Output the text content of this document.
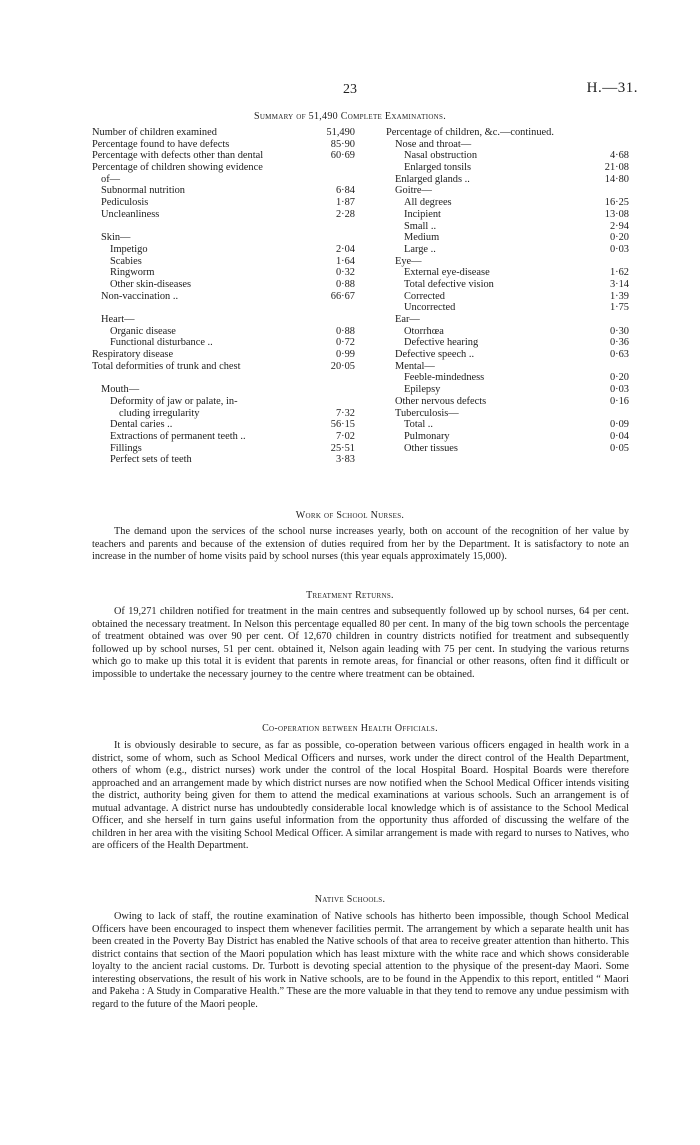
23	H.—31.
Summary of 51,490 Complete Examinations.
Number of children examined	51,490
Percentage found to have defects	85·90
Percentage with defects other than dental	60·69
Percentage of children showing evidence
of—
Subnormal nutrition	6·84
Pediculosis	1·87
Uncleanliness	2·28
Skin—
Impetigo	2·04
Scabies	1·64
Ringworm	0·32
Other skin-diseases	0·88
Non-vaccination ..	66·67
Heart—
Organic disease	0·88
Functional disturbance ..	0·72
Respiratory disease	0·99
Total deformities of trunk and chest	20·05
Mouth—
Deformity of jaw or palate, in-
cluding irregularity	7·32
Dental caries ..	56·15
Extractions of permanent teeth ..	7·02
Fillings	25·51
Perfect sets of teeth	3·83
Percentage of children, &c.—continued.
Nose and throat—
Nasal obstruction	4·68
Enlarged tonsils	21·08
Enlarged glands ..	14·80
Goitre—
All degrees	16·25
Incipient	13·08
Small ..	2·94
Medium	0·20
Large ..	0·03
Eye—
External eye-disease	1·62
Total defective vision	3·14
Corrected	1·39
Uncorrected	1·75
Ear—
Otorrhœa	0·30
Defective hearing	0·36
Defective speech ..	0·63
Mental—
Feeble-mindedness	0·20
Epilepsy	0·03
Other nervous defects	0·16
Tuberculosis—
Total ..	0·09
Pulmonary	0·04
Other tissues	0·05
Work of School Nurses.
The demand upon the services of the school nurse increases yearly, both on account of the recognition of her value by teachers and parents and because of the extension of duties required from her by the Department. It is satisfactory to note an increase in the number of home visits paid by school nurses (this year equals approximately 15,000).
Treatment Returns.
Of 19,271 children notified for treatment in the main centres and subsequently followed up by school nurses, 64 per cent. obtained the necessary treatment. In Nelson this percentage equalled 80 per cent. In many of the big town schools the percentage of treatment obtained was over 90 per cent. Of 12,670 children in country districts notified for treatment and subsequently followed up by school nurses, 51 per cent. obtained it, Nelson again leading with 75 per cent. In studying the various returns which go to make up this total it is evident that parents in remote areas, for financial or other reasons, often find it difficult or impossible to undertake the necessary journey to the centre where treatment can be obtained.
Co-operation between Health Officials.
It is obviously desirable to secure, as far as possible, co-operation between various officers engaged in health work in a district, some of whom, such as School Medical Officers and nurses, work under the direct control of the Health Department, others of whom (e.g., district nurses) work under the control of the local Hospital Board. Hospital Boards were therefore approached and an arrangement made by which district nurses are now notified when the School Medical Officer intends visiting the district, authority being given for them to attend the medical examinations at various schools. Such an arrangement is of mutual advantage. A district nurse has undoubtedly considerable local knowledge which is of assistance to the School Medical Officer, and she herself in turn gains useful information from the opportunity thus afforded of discussing the welfare of the children in her area with the visiting School Medical Officer. A similar arrangement is made with regard to nurses to Natives, who are officers of the Health Department.
Native Schools.
Owing to lack of staff, the routine examination of Native schools has hitherto been impossible, though School Medical Officers have been encouraged to inspect them whenever facilities permit. The arrangement by which a separate health unit has been created in the Poverty Bay District has enabled the Native schools of that area to receive greater attention than hitherto. This district contains that section of the Maori population which has least mixture with the white race and which shows considerable loyalty to the ancient racial customs. Dr. Turbott is devoting special attention to the physique of the present-day Maori. Some interesting observations, the result of his work in Native schools, are to be found in the Appendix to this report, entitled “ Maori and Pakeha : A Study in Comparative Health.” These are the more valuable in that they tend to remove any undue pessimism with regard to the future of the Maori people.
